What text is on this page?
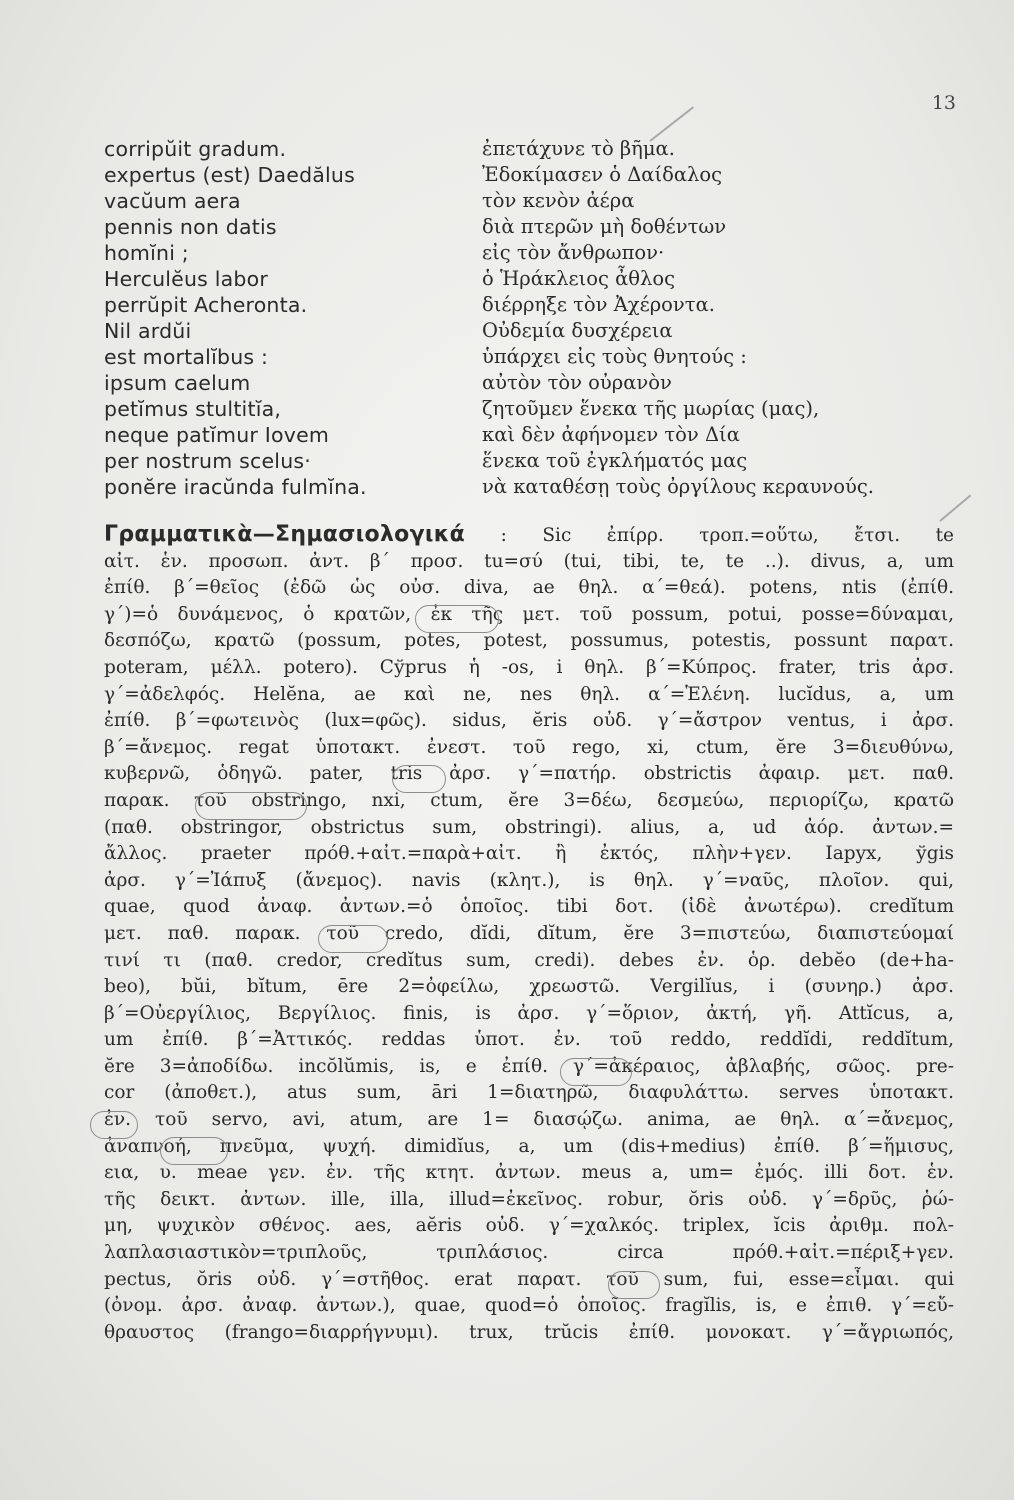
13
corripŭit gradum.	ἐπετάχυνε τὸ βῆμα.
expertus (est) Daedălus	Ἐδοκίμασεν ὁ Δαίδαλος
vacŭum aera	τὸν κενὸν ἀέρα
pennis non datis	διὰ πτερῶν μὴ δοθέντων
homĭni ;	εἰς τὸν ἄνθρωπον·
Herculĕus labor	ὁ Ἡράκλειος ἆθλος
perrŭpit Acheronta.	διέρρηξε τὸν Ἀχέροντα.
Nil ardŭi	Οὐδεμία δυσχέρεια
est mortalĭbus :	ὑπάρχει εἰς τοὺς θνητούς :
ipsum caelum	αὐτὸν τὸν οὐρανὸν
petĭmus stultitĭa,	ζητοῦμεν ἕνεκα τῆς μωρίας (μας),
neque patĭmur Iovem	καὶ δὲν ἀφήνομεν τὸν Δία
per nostrum scelus·	ἕνεκα τοῦ ἐγκλήματός μας
ponĕre iracŭnda fulmĭna.	νὰ καταθέσῃ τοὺς ὀργίλους κεραυνούς.
Γραμματικὰ—Σημασιολογικά : Sic ἐπίρρ. τροπ.=οὕτω, ἔτσι. te
αἰτ. ἑν. προσωπ. ἀντ. β΄ προσ. tu=σύ (tui, tibi, te, te ..). divus, a, um
ἐπίθ. β΄=θεῖος (ἐδῶ ὡς οὐσ. diva, ae θηλ. α΄=θεά). potens, ntis (ἐπίθ.
γ΄)=ὁ δυνάμενος, ὁ κρατῶν, ἐκ τῆς μετ. τοῦ possum, potui, posse=δύναμαι,
δεσπόζω, κρατῶ (possum, potes, potest, possumus, potestis, possunt παρατ.
poteram, μέλλ. potero). Cўprus ἡ -os, i θηλ. β΄=Κύπρος. frater, tris ἀρσ.
γ΄=ἀδελφός. Helĕna, ae καὶ ne, nes θηλ. α΄=Ἑλένη. lucĭdus, a, um
ἐπίθ. β΄=φωτεινὸς (lux=φῶς). sidus, ĕris οὐδ. γ΄=ἄστρον ventus, i ἀρσ.
β΄=ἄνεμος. regat ὑποτακτ. ἐνεστ. τοῦ rego, xi, ctum, ĕre 3=διευθύνω,
κυβερνῶ, ὁδηγῶ. pater, tris ἀρσ. γ΄=πατήρ. obstrictis ἀφαιρ. μετ. παθ.
παρακ. τοῦ obstringo, nxi, ctum, ĕre 3=δέω, δεσμεύω, περιορίζω, κρατῶ
(παθ. obstringor, obstrictus sum, obstringi). alius, a, ud ἀόρ. ἀντων.=
ἄλλος. praeter πρόθ.+αἰτ.=παρὰ+αἰτ. ἢ ἐκτός, πλὴν+γεν. Iapyx, ўgis
ἀρσ. γ΄=Ἰάπυξ (ἄνεμος). navis (κλητ.), is θηλ. γ΄=ναῦς, πλοῖον. qui,
quae, quod ἀναφ. ἀντων.=ὁ ὁποῖος. tibi δοτ. (ἰδὲ ἀνωτέρω). credĭtum
μετ. παθ. παρακ. τοῦ credo, dĭdi, dĭtum, ĕre 3=πιστεύω, διαπιστεύομαί
τινί τι (παθ. credor, credĭtus sum, credi). debes ἐν. ὁρ. debĕo (de+ha-
beo), bŭi, bĭtum, ēre 2=ὀφείλω, χρεωστῶ. Vergilĭus, i (συνηρ.) ἀρσ.
β΄=Οὐεργίλιος, Βεργίλιος. finis, is ἀρσ. γ΄=ὅριον, ἀκτή, γῆ. Attĭcus, a,
um ἐπίθ. β΄=Ἀττικός. reddas ὑποτ. ἐν. τοῦ reddo, reddĭdi, reddĭtum,
ĕre 3=ἀποδίδω. incŏlŭmis, is, e ἐπίθ. γ΄=ἀκέραιος, ἀβλαβής, σῶος. pre-
cor (ἀποθετ.), atus sum, āri 1=διατηρῶ, διαφυλάττω. serves ὑποτακτ.
ἐν. τοῦ servo, avi, atum, are 1= διασῴζω. anima, ae θηλ. α΄=ἄνεμος,
ἀναπνοή, πνεῦμα, ψυχή. dimidĭus, a, um (dis+medius) ἐπίθ. β΄=ἥμισυς,
εια, υ. meae γεν. ἐν. τῆς κτητ. ἀντων. meus a, um= ἐμός. illi δοτ. ἑν.
τῆς δεικτ. ἀντων. ille, illa, illud=ἐκεῖνος. robur, ŏris οὐδ. γ΄=δρῦς, ῥώ-
μη, ψυχικὸν σθένος. aes, aĕris οὐδ. γ΄=χαλκός. triplex, ĭcis ἀριθμ. πολ-
λαπλασιαστικὸν=τριπλοῦς, τριπλάσιος. circa πρόθ.+αἰτ.=πέριξ+γεν.
pectus, ŏris οὐδ. γ΄=στῆθος. erat παρατ. τοῦ sum, fui, esse=εἶμαι. qui
(ὀνομ. ἀρσ. ἀναφ. ἀντων.), quae, quod=ὁ ὁποῖος. fragĭlis, is, e ἐπιθ. γ΄=εὔ-
θραυστος (frango=διαρρήγνυμι). trux, trŭcis ἐπίθ. μονοκατ. γ΄=ἄγριωπός,
